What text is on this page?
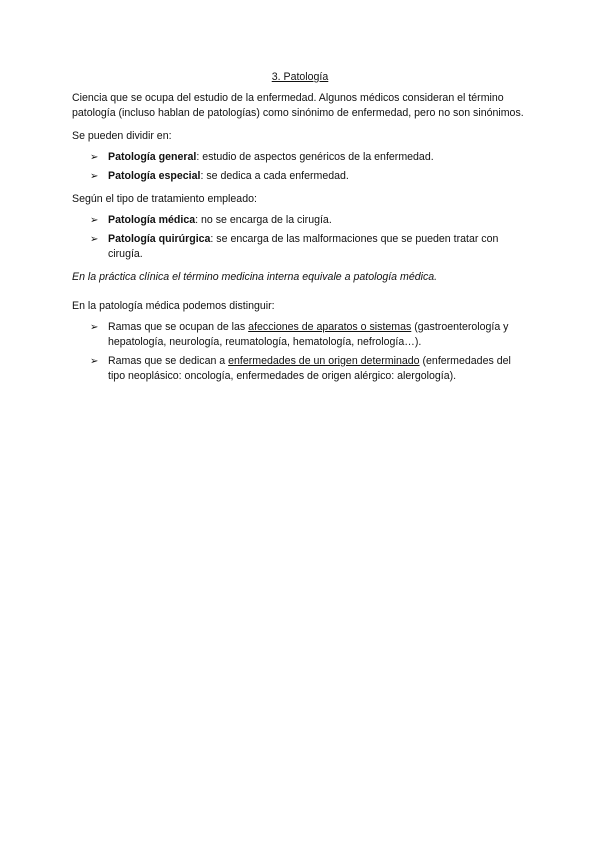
3. Patología

Ciencia que se ocupa del estudio de la enfermedad. Algunos médicos consideran el término patología (incluso hablan de patologías) como sinónimo de enfermedad, pero no son sinónimos.

Se pueden dividir en:

➢ Patología general: estudio de aspectos genéricos de la enfermedad.
➢ Patología especial: se dedica a cada enfermedad.

Según el tipo de tratamiento empleado:

➢ Patología médica: no se encarga de la cirugía.
➢ Patología quirúrgica: se encarga de las malformaciones que se pueden tratar con cirugía.

En la práctica clínica el término medicina interna equivale a patología médica.

En la patología médica podemos distinguir:

➢ Ramas que se ocupan de las afecciones de aparatos o sistemas (gastroenterología y hepatología, neurología, reumatología, hematología, nefrología…).
➢ Ramas que se dedican a enfermedades de un origen determinado (enfermedades del tipo neoplásico: oncología, enfermedades de origen alérgico: alergología).
